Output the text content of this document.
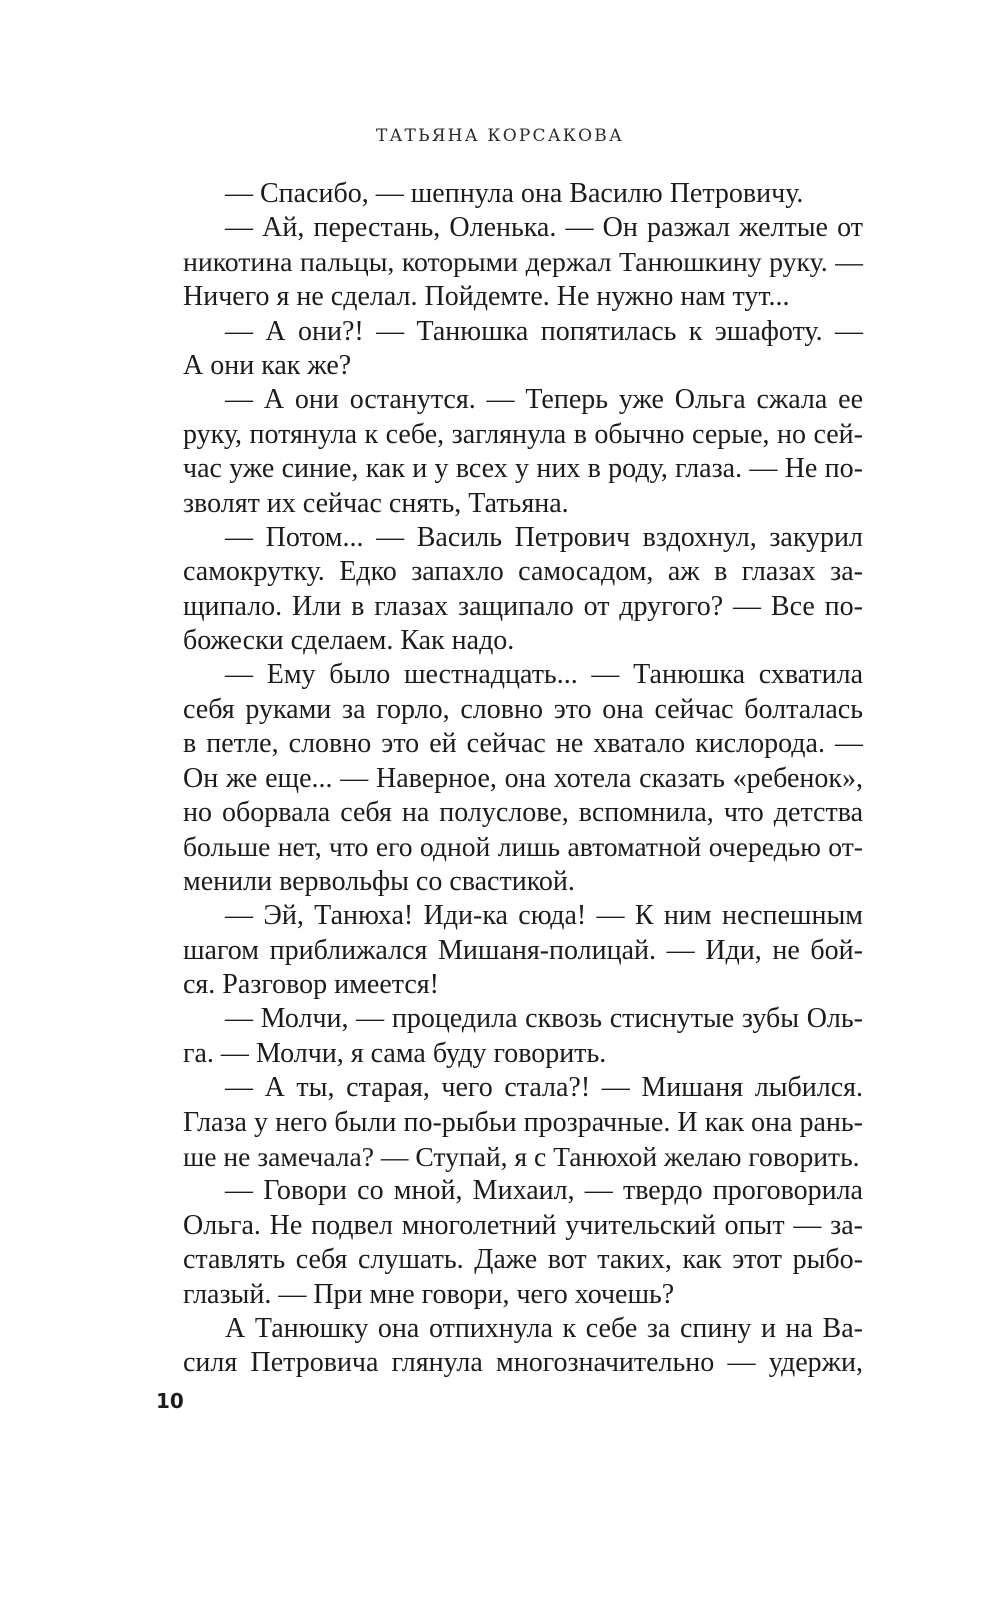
ТАТЬЯНА КОРСАКОВА
— Спасибо, — шепнула она Василю Петровичу.
— Ай, перестань, Оленька. — Он разжал желтые от
никотина пальцы, которыми держал Танюшкину руку. —
Ничего я не сделал. Пойдемте. Не нужно нам тут...
— А они?! — Танюшка попятилась к эшафоту. —
А они как же?
— А они останутся. — Теперь уже Ольга сжала ее
руку, потянула к себе, заглянула в обычно серые, но сей-
час уже синие, как и у всех у них в роду, глаза. — Не по-
зволят их сейчас снять, Татьяна.
— Потом... — Василь Петрович вздохнул, закурил
самокрутку. Едко запахло самосадом, аж в глазах за-
щипало. Или в глазах защипало от другого? — Все по-
божески сделаем. Как надо.
— Ему было шестнадцать... — Танюшка схватила
себя руками за горло, словно это она сейчас болталась
в петле, словно это ей сейчас не хватало кислорода. —
Он же еще... — Наверное, она хотела сказать «ребенок»,
но оборвала себя на полуслове, вспомнила, что детства
больше нет, что его одной лишь автоматной очередью от-
менили вервольфы со свастикой.
— Эй, Танюха! Иди-ка сюда! — К ним неспешным
шагом приближался Мишаня-полицай. — Иди, не бой-
ся. Разговор имеется!
— Молчи, — процедила сквозь стиснутые зубы Оль-
га. — Молчи, я сама буду говорить.
— А ты, старая, чего стала?! — Мишаня лыбился.
Глаза у него были по-рыбьи прозрачные. И как она рань-
ше не замечала? — Ступай, я с Танюхой желаю говорить.
— Говори со мной, Михаил, — твердо проговорила
Ольга. Не подвел многолетний учительский опыт — за-
ставлять себя слушать. Даже вот таких, как этот рыбо-
глазый. — При мне говори, чего хочешь?
А Танюшку она отпихнула к себе за спину и на Ва-
силя Петровича глянула многозначительно — удержи,
10
